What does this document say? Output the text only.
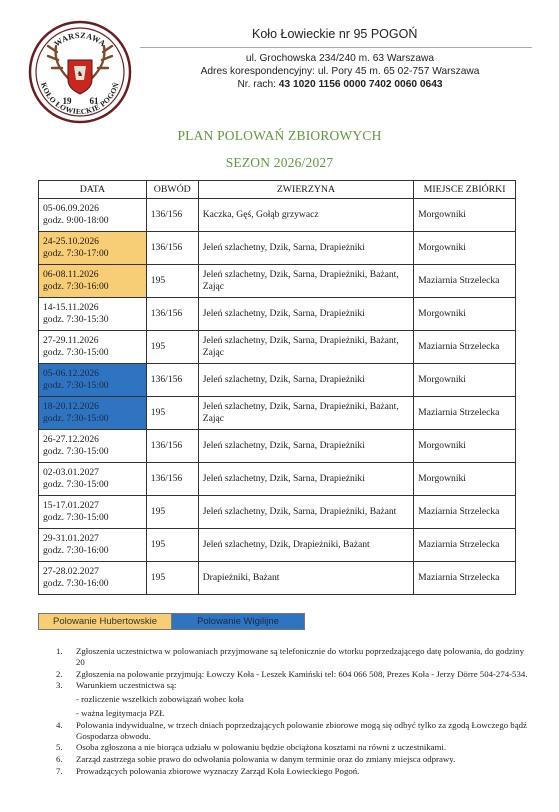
♞
WARSZAWA
KOŁO ŁOWIECKIE POGOŃ
19 61
Koło Łowieckie nr 95 POGOŃ
ul. Grochowska 234/240 m. 63 Warszawa
Adres korespondencyjny: ul. Pory 45 m. 65 02-757 Warszawa
Nr. rach: 43 1020 1156 0000 7402 0060 0643
PLAN POLOWAŃ ZBIOROWYCH
SEZON 2026/2027
DATA	OBWÓD	ZWIERZYNA	MIEJSCE ZBIÓRKI

05-06.09.2026
godz. 9:00-18:00	136/156	Kaczka, Gęś, Gołąb grzywacz	Morgowniki

24-25.10.2026
godz. 7:30-17:00	136/156	Jeleń szlachetny, Dzik, Sarna, Drapieżniki	Morgowniki

06-08.11.2026
godz. 7:30-16:00	195	Jeleń szlachetny, Dzik, Sarna, Drapieżniki, Bażant, Zając	Maziarnia Strzelecka

14-15.11.2026
godz. 7:30-15:30	136/156	Jeleń szlachetny, Dzik, Sarna, Drapieżniki	Morgowniki

27-29.11.2026
godz. 7:30-15:00	195	Jeleń szlachetny, Dzik, Sarna, Drapieżniki, Bażant, Zając	Maziarnia Strzelecka

05-06.12.2026
godz. 7:30-15:00	136/156	Jeleń szlachetny, Dzik, Sarna, Drapieżniki	Morgowniki

18-20.12.2026
godz. 7:30-15:00	195	Jeleń szlachetny, Dzik, Sarna, Drapieżniki, Bażant, Zając	Maziarnia Strzelecka

26-27.12.2026
godz. 7:30-15:00	136/156	Jeleń szlachetny, Dzik, Sarna, Drapieżniki	Morgowniki

02-03.01.2027
godz. 7:30-15:00	136/156	Jeleń szlachetny, Dzik, Sarna, Drapieżniki	Morgowniki

15-17.01.2027
godz. 7:30-15:00	195	Jeleń szlachetny, Dzik, Sarna, Drapieżniki, Bażant	Maziarnia Strzelecka

29-31.01.2027
godz. 7:30-16:00	195	Jeleń szlachetny, Dzik, Drapieżniki, Bażant	Maziarnia Strzelecka

27-28.02.2027
godz. 7:30-16:00	195	Drapieżniki, Bażant	Maziarnia Strzelecka
Polowanie Hubertowskie	Polowanie Wigilijne
1.	Zgłoszenia uczestnictwa w polowaniach przyjmowane są telefonicznie do wtorku poprzedzającego datę polowania, do godziny 20
2.	Zgłoszenia na polowanie przyjmują: Łowczy Koła - Leszek Kamiński tel: 604 066 508, Prezes Koła - Jerzy Dörre 504-274-534.
3.	Warunkiem uczestnictwa są:
- rozliczenie wszelkich zobowiązań wobec koła
- ważna legitymacja PZŁ
4.	Polowania indywidualne, w trzech dniach poprzedzających polowanie zbiorowe mogą się odbyć tylko za zgodą Łowczego bądź Gospodarza obwodu.
5.	Osoba zgłoszona a nie biorąca udziału w polowaniu będzie obciążona kosztami na równi z uczestnikami.
6.	Zarząd zastrzega sobie prawo do odwołania polowania w danym terminie oraz do zmiany miejsca odprawy.
7.	Prowadzących polowania zbiorowe wyznaczy Zarząd Koła Łowieckiego Pogoń.
